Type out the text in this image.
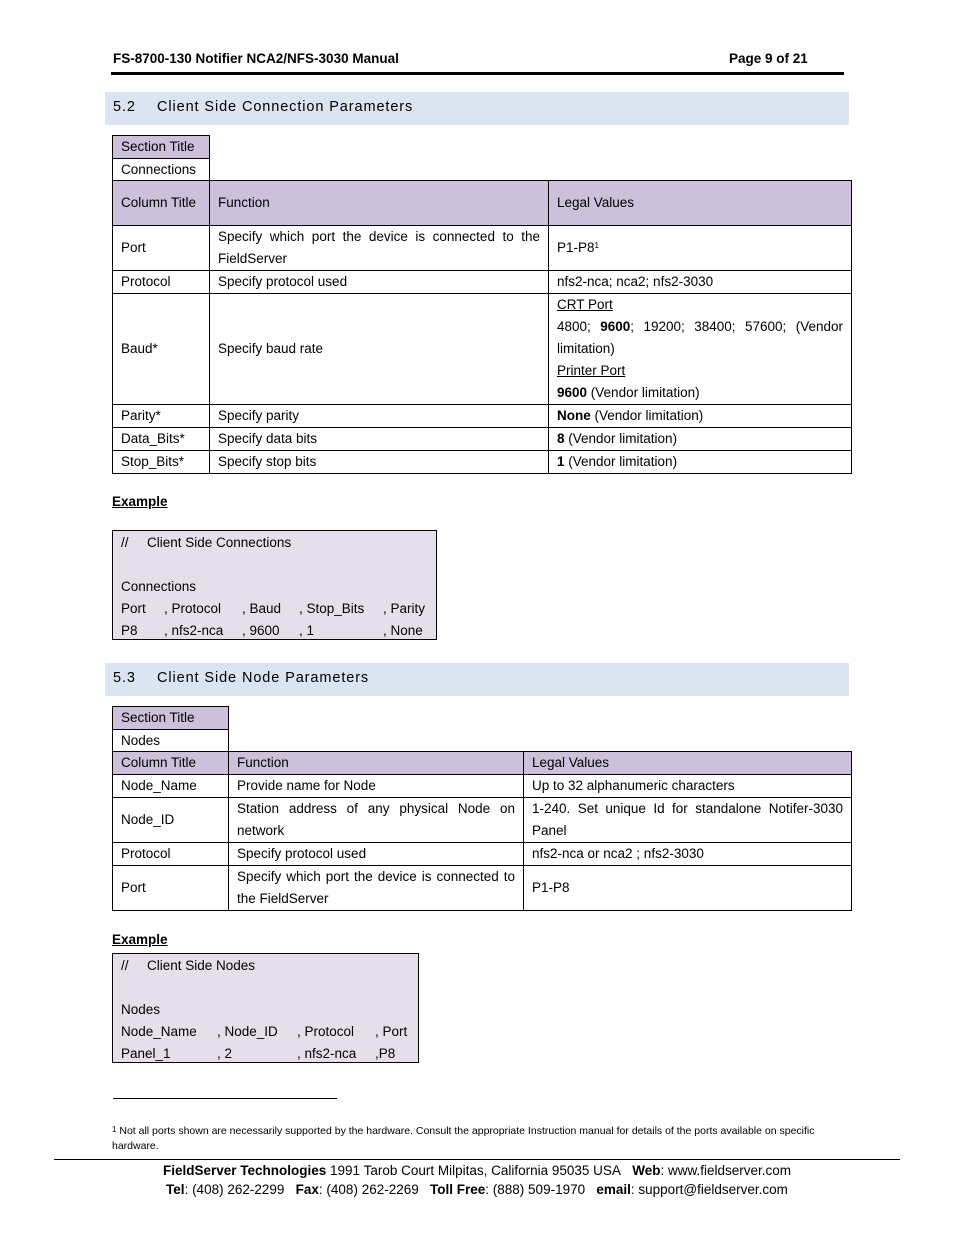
FS-8700-130 Notifier NCA2/NFS-3030 Manual	Page 9 of 21
5.2 Client Side Connection Parameters
Section Title
Connections
Column Title	Function	Legal Values
Port	Specify which port the device is connected to the FieldServer	$P1-P8^1$
Protocol	Specify protocol used	nfs2-nca; nca2; nfs2-3030
Baud*	Specify baud rate	CRT Port
4800; 9600; 19200; 38400; 57600; (Vendor limitation)
Printer Port
9600 (Vendor limitation)

Parity*	Specify parity	None (Vendor limitation)
Data_Bits*	Specify data bits	8 (Vendor limitation)
Stop_Bits*	Specify stop bits	1 (Vendor limitation)
Example
// Client Side Connections
Connections
Port , Protocol , Baud , Stop_Bits , Parity
P8 , nfs2-nca , 9600 , 1	, None
5.3 Client Side Node Parameters
Section Title
Nodes
Column Title	Function	Legal Values
Node_Name	Provide name for Node	Up to 32 alphanumeric characters
Node_ID	Station address of any physical Node on network	1-240. Set unique Id for standalone Notifer-3030 Panel
Protocol	Specify protocol used	nfs2-nca or nca2 ; nfs2-3030
Port	Specify which port the device is connected to the FieldServer	P1-P8
Example
// Client Side Nodes
Nodes
Node_Name , Node_ID , Protocol , Port
Panel_1	, 2	, nfs2-nca ,P8
$^1$ Not all ports shown are necessarily supported by the hardware. Consult the appropriate Instruction manual for details of the ports available on specific hardware.
FieldServer Technologies 1991 Tarob Court Milpitas, California 95035 USA Web: www.fieldserver.com
Tel: (408) 262-2299 Fax: (408) 262-2269 Toll Free: (888) 509-1970 email: support@fieldserver.com
